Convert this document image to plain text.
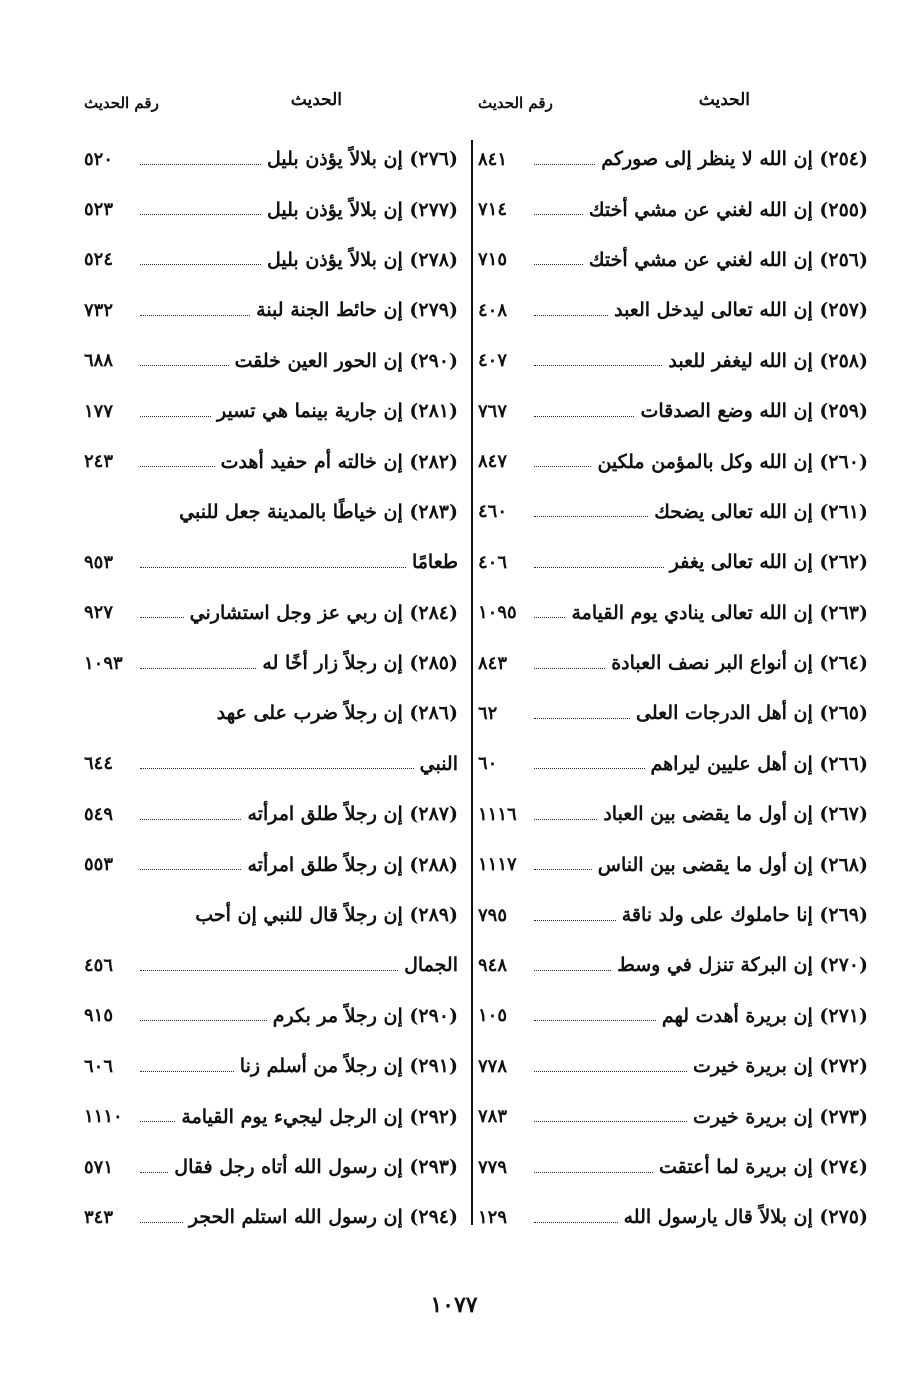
الحديث
رقم الحديث
(٢٥٤) إن الله لا ينظر إلى صوركم
٨٤١
(٢٥٥) إن الله لغني عن مشي أختك
٧١٤
(٢٥٦) إن الله لغني عن مشي أختك
٧١٥
(٢٥٧) إن الله تعالى ليدخل العبد
٤٠٨
(٢٥٨) إن الله ليغفر للعبد
٤٠٧
(٢٥٩) إن الله وضع الصدقات
٧٦٧
(٢٦٠) إن الله وكل بالمؤمن ملكين
٨٤٧
(٢٦١) إن الله تعالى يضحك
٤٦٠
(٢٦٢) إن الله تعالى يغفر
٤٠٦
(٢٦٣) إن الله تعالى ينادي يوم القيامة
١٠٩٥
(٢٦٤) إن أنواع البر نصف العبادة
٨٤٣
(٢٦٥) إن أهل الدرجات العلى
٦٢
(٢٦٦) إن أهل عليين ليراهم
٦٠
(٢٦٧) إن أول ما يقضى بين العباد
١١١٦
(٢٦٨) إن أول ما يقضى بين الناس
١١١٧
(٢٦٩) إنا حاملوك على ولد ناقة
٧٩٥
(٢٧٠) إن البركة تنزل في وسط
٩٤٨
(٢٧١) إن بريرة أهدت لهم
١٠٥
(٢٧٢) إن بريرة خيرت
٧٧٨
(٢٧٣) إن بريرة خيرت
٧٨٣
(٢٧٤) إن بريرة لما أعتقت
٧٧٩
(٢٧٥) إن بلالاً قال يارسول الله
١٢٩
الحديث
رقم الحديث
(٢٧٦) إن بلالاً يؤذن بليل
٥٢٠
(٢٧٧) إن بلالاً يؤذن بليل
٥٢٣
(٢٧٨) إن بلالاً يؤذن بليل
٥٢٤
(٢٧٩) إن حائط الجنة لبنة
٧٣٢
(٢٩٠) إن الحور العين خلقت
٦٨٨
(٢٨١) إن جارية بينما هي تسير
١٧٧
(٢٨٢) إن خالته أم حفيد أهدت
٢٤٣
(٢٨٣) إن خياطًا بالمدينة جعل للنبي
طعامًا
٩٥٣
(٢٨٤) إن ربي عز وجل استشارني
٩٢٧
(٢٨٥) إن رجلاً زار أخًا له
١٠٩٣
(٢٨٦) إن رجلاً ضرب على عهد
النبي
٦٤٤
(٢٨٧) إن رجلاً طلق امرأته
٥٤٩
(٢٨٨) إن رجلاً طلق امرأته
٥٥٣
(٢٨٩) إن رجلاً قال للنبي إن أحب
الجمال
٤٥٦
(٢٩٠) إن رجلاً مر بكرم
٩١٥
(٢٩١) إن رجلاً من أسلم زنا
٦٠٦
(٢٩٢) إن الرجل ليجيء يوم القيامة
١١١٠
(٢٩٣) إن رسول الله أتاه رجل فقال
٥٧١
(٢٩٤) إن رسول الله استلم الحجر
٣٤٣
١٠٧٧
